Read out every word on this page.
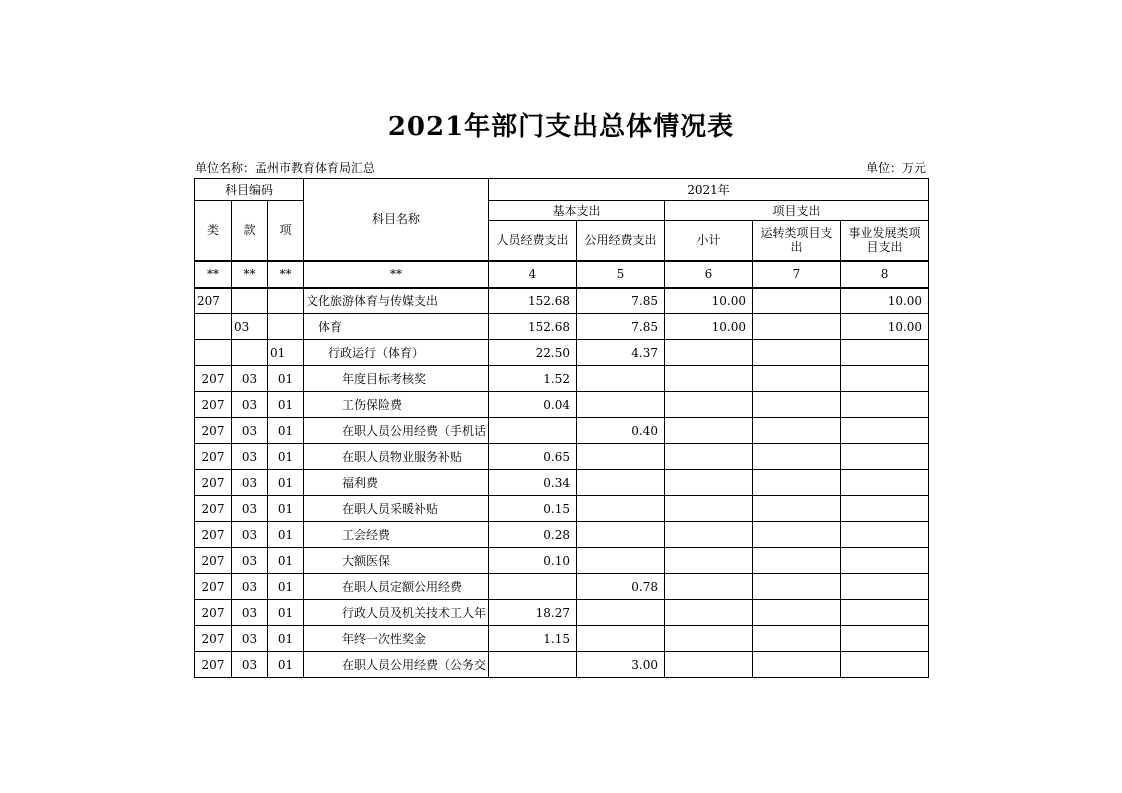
2021年部门支出总体情况表
单位名称：孟州市教育体育局汇总	单位：万元
科目编码			科目名称	2021年				
类	款	项		基本支出		项目支出		
				人员经费支出	公用经费支出	小计	运转类项目支出	事业发展类项目支出
**	**	**	**	4	5	6	7	8
207			文化旅游体育与传媒支出	152.68	7.85	10.00		10.00
	03		体育	152.68	7.85	10.00		10.00
		01	行政运行（体育）	22.50	4.37			
207	03	01	年度目标考核奖	1.52				
207	03	01	工伤保险费	0.04				
207	03	01	在职人员公用经费（手机话		0.40			
207	03	01	在职人员物业服务补贴	0.65				
207	03	01	福利费	0.34				
207	03	01	在职人员采暖补贴	0.15				
207	03	01	工会经费	0.28				
207	03	01	大额医保	0.10				
207	03	01	在职人员定额公用经费		0.78			
207	03	01	行政人员及机关技术工人年	18.27				
207	03	01	年终一次性奖金	1.15				
207	03	01	在职人员公用经费（公务交		3.00			
